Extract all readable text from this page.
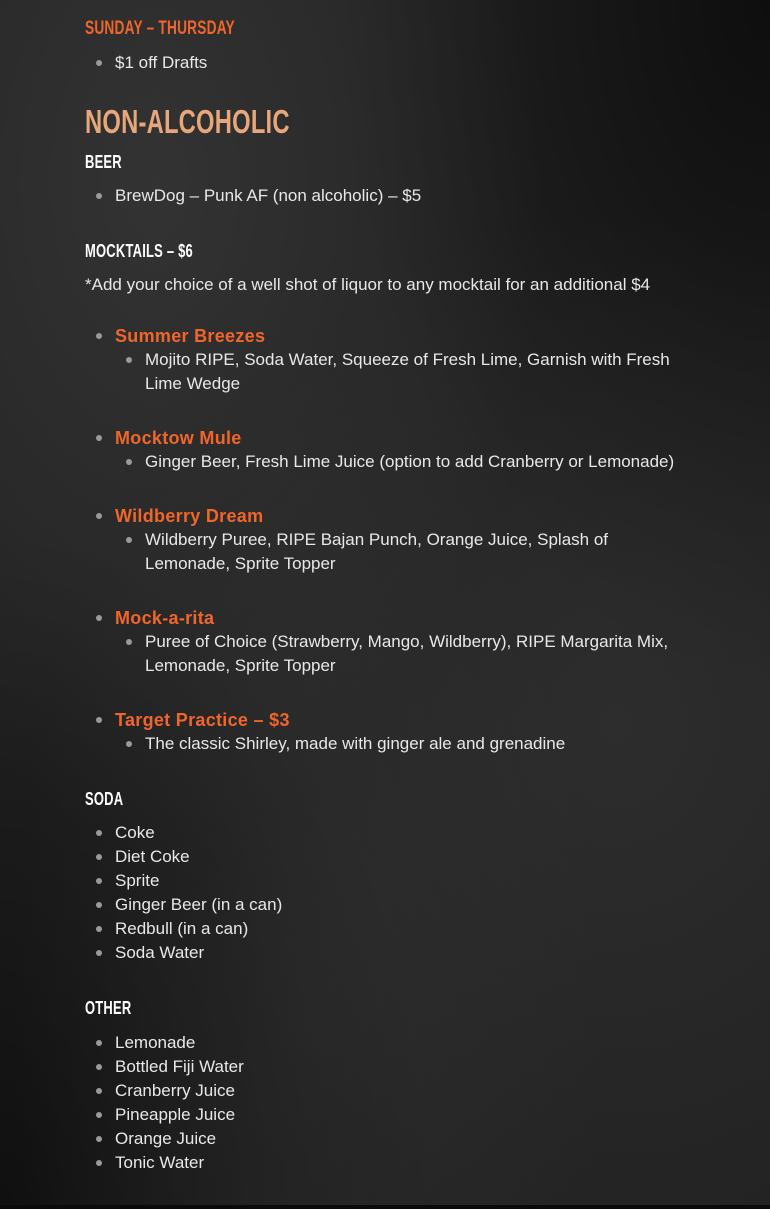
SUNDAY – THURSDAY
$1 off Drafts
NON-ALCOHOLIC
BEER
BrewDog – Punk AF (non alcoholic) – $5
MOCKTAILS – $6
*Add your choice of a well shot of liquor to any mocktail for an additional $4
Summer Breezes
Mojito RIPE, Soda Water, Squeeze of Fresh Lime, Garnish with Fresh Lime Wedge
Mocktow Mule
Ginger Beer, Fresh Lime Juice (option to add Cranberry or Lemonade)
Wildberry Dream
Wildberry Puree, RIPE Bajan Punch, Orange Juice, Splash of Lemonade, Sprite Topper
Mock-a-rita
Puree of Choice (Strawberry, Mango, Wildberry), RIPE Margarita Mix, Lemonade, Sprite Topper
Target Practice – $3
The classic Shirley, made with ginger ale and grenadine
SODA
Coke
Diet Coke
Sprite
Ginger Beer (in a can)
Redbull (in a can)
Soda Water
OTHER
Lemonade
Bottled Fiji Water
Cranberry Juice
Pineapple Juice
Orange Juice
Tonic Water
